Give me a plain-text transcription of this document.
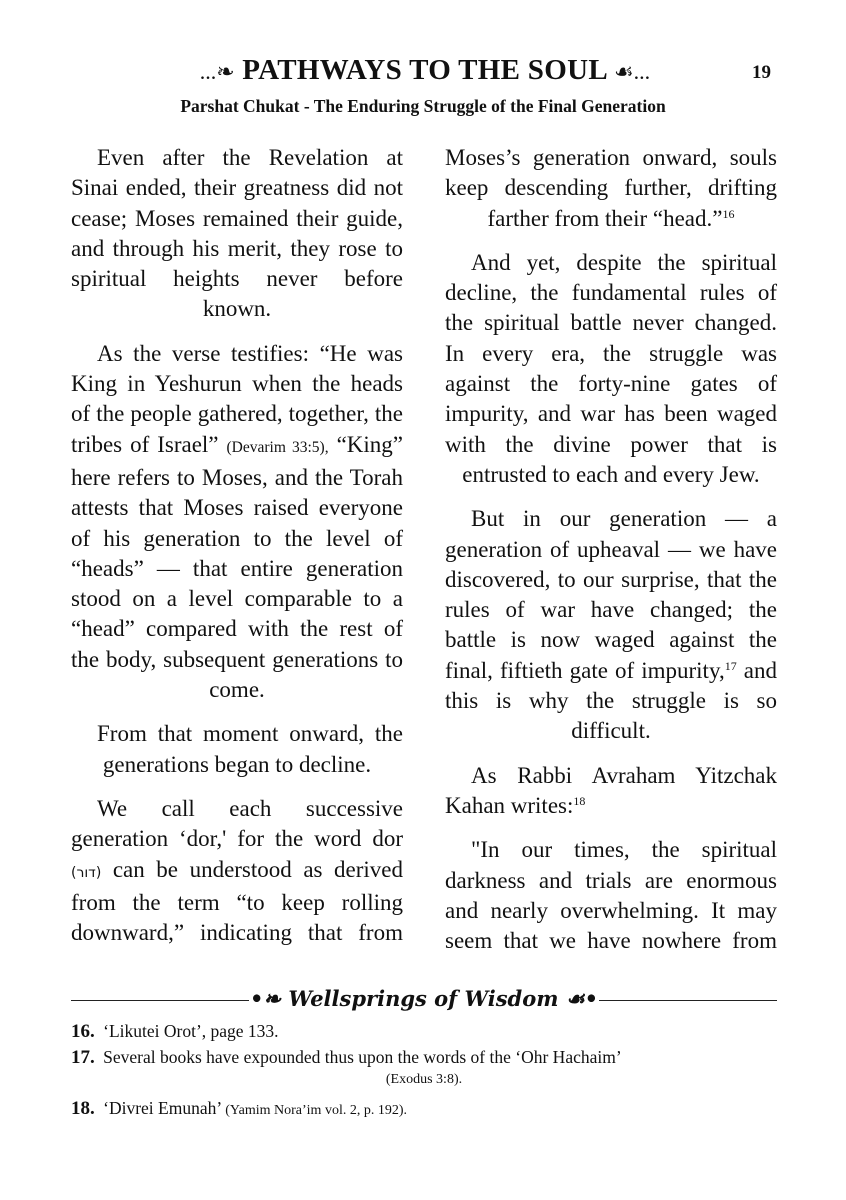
...❧ PATHWAYS TO THE SOUL ☙...	19
Parshat Chukat - The Enduring Struggle of the Final Generation

Even after the Revelation at Sinai ended, their greatness did not cease; Moses remained their guide, and through his merit, they rose to spiritual heights never before known.

As the verse testifies: “He was King in Yeshurun when the heads of the people gathered, together, the tribes of Israel” (Devarim 33:5), “King” here refers to Moses, and the Torah attests that Moses raised everyone of his generation to the level of “heads” — that entire generation stood on a level comparable to a “head” compared with the rest of the body, subsequent generations to come.

From that moment onward, the generations began to decline.

We call each successive generation ‘dor,' for the word dor (דור) can be understood as derived from the term “to keep rolling downward,” indicating that from

Moses’s generation onward, souls keep descending further, drifting farther from their “head.”$^{16}$

And yet, despite the spiritual decline, the fundamental rules of the spiritual battle never changed. In every era, the struggle was against the forty-nine gates of impurity, and war has been waged with the divine power that is entrusted to each and every Jew.

But in our generation — a generation of upheaval — we have discovered, to our surprise, that the rules of war have changed; the battle is now waged against the final, fiftieth gate of impurity,$^{17}$ and this is why the struggle is so difficult.

As Rabbi Avraham Yitzchak Kahan writes:$^{18}$

"In our times, the spiritual darkness and trials are enormous and nearly overwhelming. It may seem that we have nowhere from

•❧ Wellsprings of Wisdom ☙•
16. ‘Likutei Orot’, page 133.
17. Several books have expounded thus upon the words of the ‘Ohr Hachaim’
(Exodus 3:8).
18. ‘Divrei Emunah’ (Yamim Nora’im vol. 2, p. 192).
